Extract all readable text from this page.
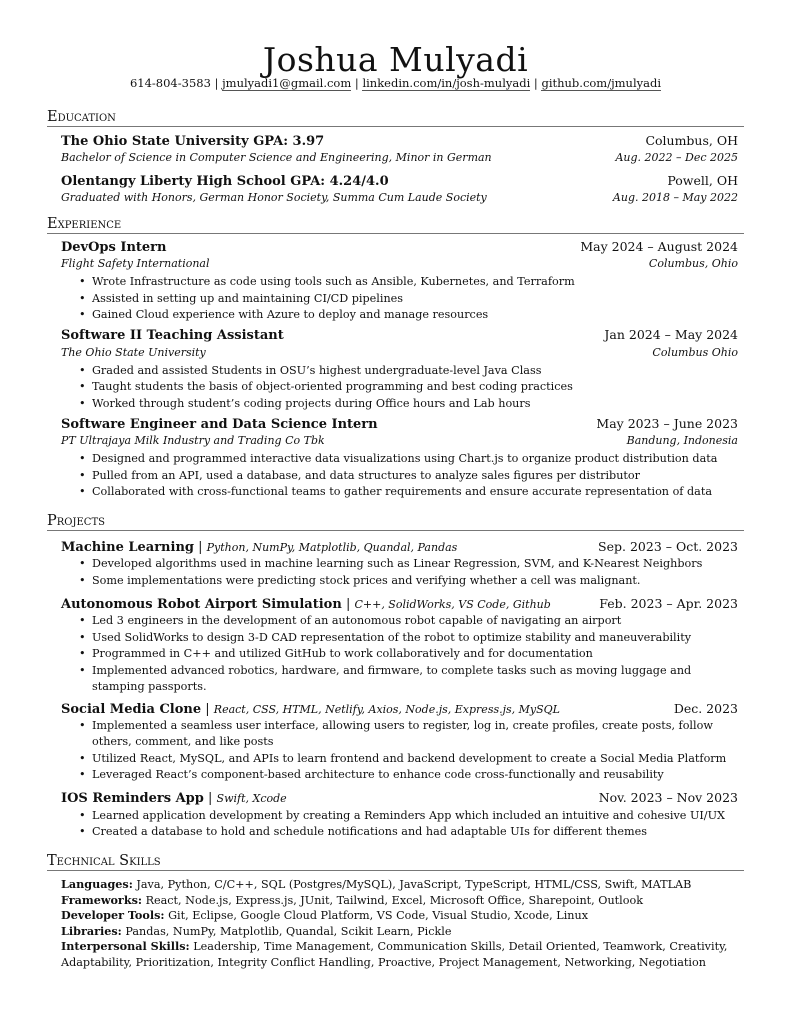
Joshua Mulyadi
614-804-3583 | jmulyadi1@gmail.com | linkedin.com/in/josh-mulyadi | github.com/jmulyadi
Education
The Ohio State University GPA: 3.97	Columbus, OH
Bachelor of Science in Computer Science and Engineering, Minor in German	Aug. 2022 – Dec 2025
Olentangy Liberty High School GPA: 4.24/4.0	Powell, OH
Graduated with Honors, German Honor Society, Summa Cum Laude Society	Aug. 2018 – May 2022
Experience
DevOps Intern	May 2024 – August 2024
Flight Safety International	Columbus, Ohio
• Wrote Infrastructure as code using tools such as Ansible, Kubernetes, and Terraform
• Assisted in setting up and maintaining CI/CD pipelines
• Gained Cloud experience with Azure to deploy and manage resources
Software II Teaching Assistant	Jan 2024 – May 2024
The Ohio State University	Columbus Ohio
• Graded and assisted Students in OSU’s highest undergraduate-level Java Class
• Taught students the basis of object-oriented programming and best coding practices
• Worked through student’s coding projects during Office hours and Lab hours
Software Engineer and Data Science Intern	May 2023 – June 2023
PT Ultrajaya Milk Industry and Trading Co Tbk	Bandung, Indonesia
• Designed and programmed interactive data visualizations using Chart.js to organize product distribution data
• Pulled from an API, used a database, and data structures to analyze sales figures per distributor
• Collaborated with cross-functional teams to gather requirements and ensure accurate representation of data
Projects
Machine Learning | Python, NumPy, Matplotlib, Quandal, Pandas	Sep. 2023 – Oct. 2023
• Developed algorithms used in machine learning such as Linear Regression, SVM, and K-Nearest Neighbors
• Some implementations were predicting stock prices and verifying whether a cell was malignant.
Autonomous Robot Airport Simulation | C++, SolidWorks, VS Code, Github	Feb. 2023 – Apr. 2023
• Led 3 engineers in the development of an autonomous robot capable of navigating an airport
• Used SolidWorks to design 3-D CAD representation of the robot to optimize stability and maneuverability
• Programmed in C++ and utilized GitHub to work collaboratively and for documentation
• Implemented advanced robotics, hardware, and firmware, to complete tasks such as moving luggage and stamping passports.
Social Media Clone | React, CSS, HTML, Netlify, Axios, Node.js, Express.js, MySQL	Dec. 2023
• Implemented a seamless user interface, allowing users to register, log in, create profiles, create posts, follow others, comment, and like posts
• Utilized React, MySQL, and APIs to learn frontend and backend development to create a Social Media Platform
• Leveraged React’s component-based architecture to enhance code cross-functionally and reusability
IOS Reminders App | Swift, Xcode	Nov. 2023 – Nov 2023
• Learned application development by creating a Reminders App which included an intuitive and cohesive UI/UX
• Created a database to hold and schedule notifications and had adaptable UIs for different themes
Technical Skills
Languages: Java, Python, C/C++, SQL (Postgres/MySQL), JavaScript, TypeScript, HTML/CSS, Swift, MATLAB
Frameworks: React, Node.js, Express.js, JUnit, Tailwind, Excel, Microsoft Office, Sharepoint, Outlook
Developer Tools: Git, Eclipse, Google Cloud Platform, VS Code, Visual Studio, Xcode, Linux
Libraries: Pandas, NumPy, Matplotlib, Quandal, Scikit Learn, Pickle
Interpersonal Skills: Leadership, Time Management, Communication Skills, Detail Oriented, Teamwork, Creativity, Adaptability, Prioritization, Integrity Conflict Handling, Proactive, Project Management, Networking, Negotiation
